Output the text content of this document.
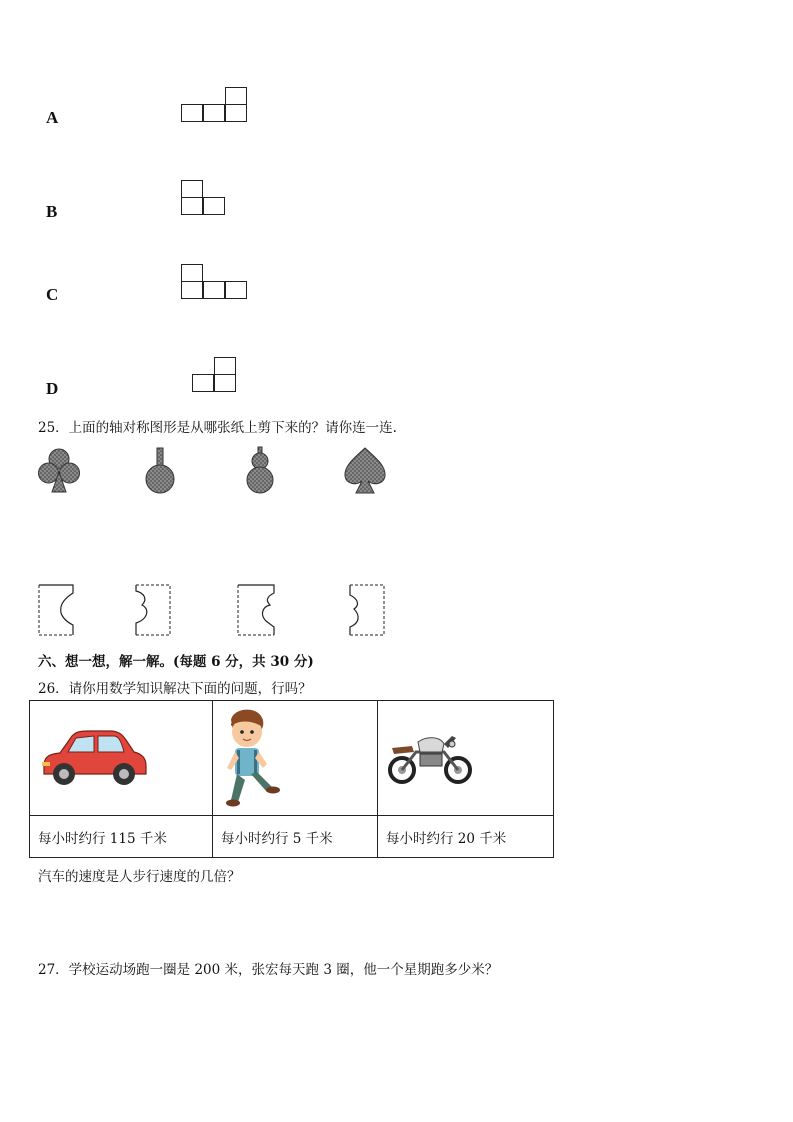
A
B
C
D
25．上面的轴对称图形是从哪张纸上剪下来的？请你连一连.
六、想一想，解一解。(每题 6 分，共 30 分)
26．请你用数学知识解决下面的问题，行吗？

每小时约行 115 千米	每小时约行 5 千米	每小时约行 20 千米
汽车的速度是人步行速度的几倍？
27．学校运动场跑一圈是 200 米，张宏每天跑 3 圈，他一个星期跑多少米？
